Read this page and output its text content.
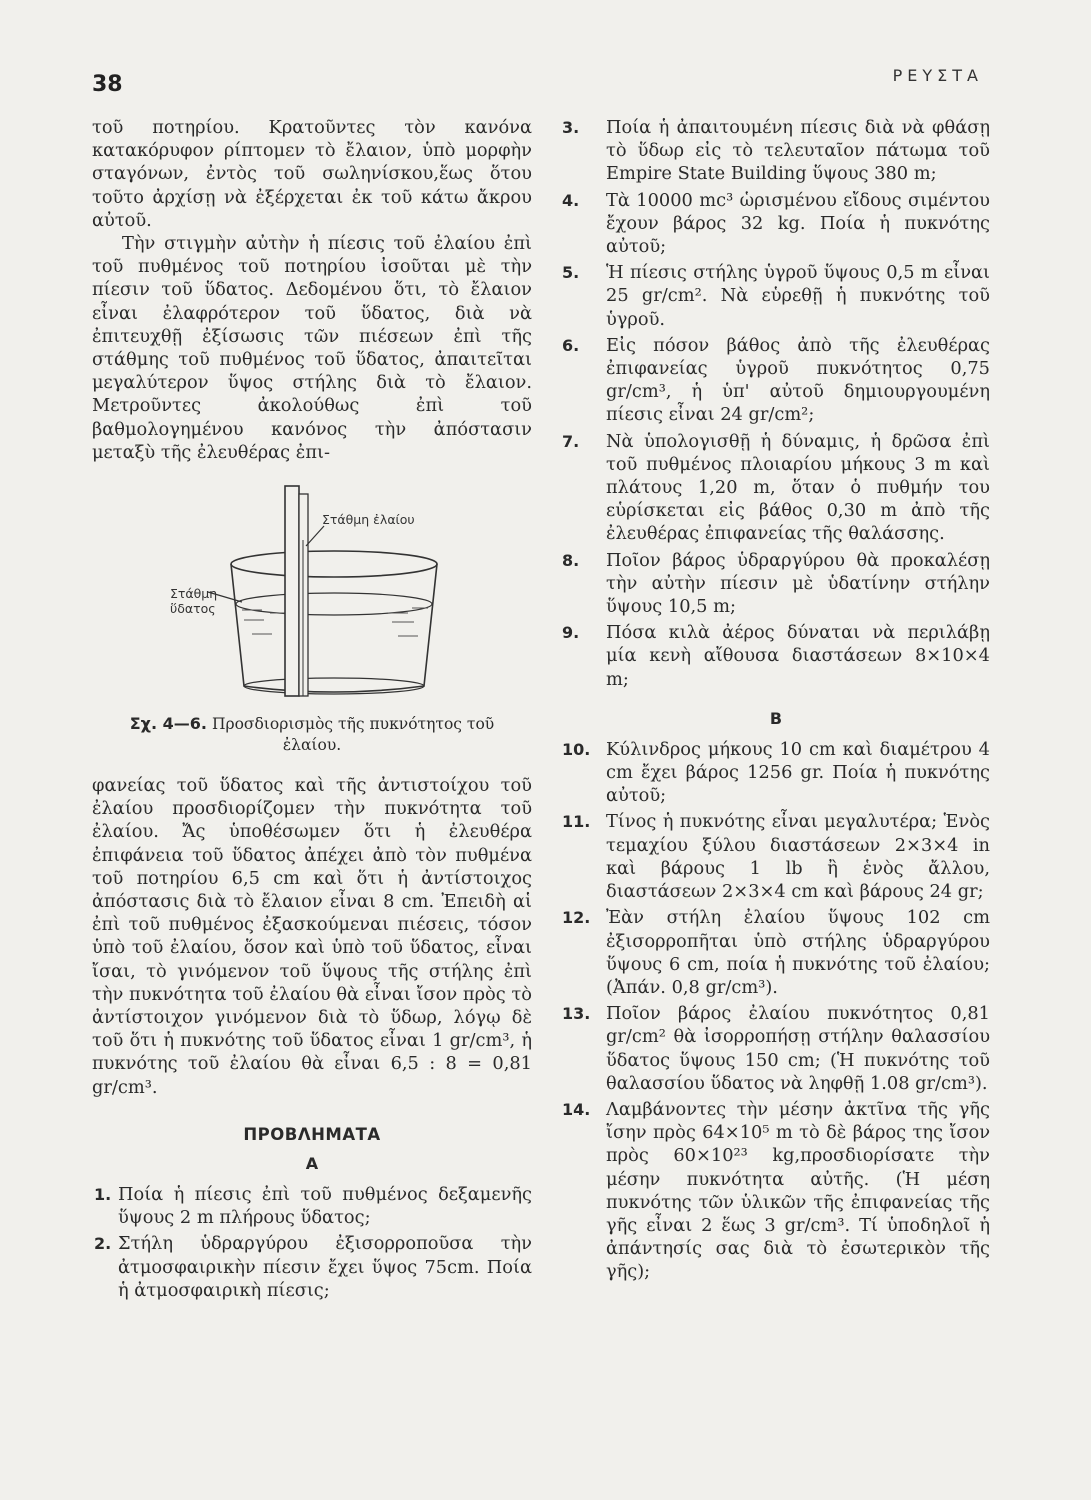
38	ΡΕΥΣΤΑ

τοῦ ποτηρίου. Κρατοῦντες τὸν κανόνα κατακόρυφον ρίπτομεν τὸ ἔλαιον, ὑπὸ μορφὴν σταγόνων, ἐντὸς τοῦ σωληνίσκου,ἕως ὅτου τοῦτο ἀρχίσῃ νὰ ἐξέρχεται ἐκ τοῦ κάτω ἄκρου αὐτοῦ.

Τὴν στιγμὴν αὐτὴν ἡ πίεσις τοῦ ἐλαίου ἐπὶ τοῦ πυθμένος τοῦ ποτηρίου ἰσοῦται μὲ τὴν πίεσιν τοῦ ὕδατος. Δεδομένου ὅτι, τὸ ἔλαιον εἶναι ἐλαφρότερον τοῦ ὕδατος, διὰ νὰ ἐπιτευχθῇ ἐξίσωσις τῶν πιέσεων ἐπὶ τῆς στάθμης τοῦ πυθμένος τοῦ ὕδατος, ἀπαιτεῖται μεγαλύτερον ὕψος στήλης διὰ τὸ ἔλαιον. Μετροῦντες ἀκολούθως ἐπὶ τοῦ βαθμολογημένου κανόνος τὴν ἀπόστασιν μεταξὺ τῆς ἐλευθέρας ἐπι-

Στάθμη ἐλαίου
Στάθμη
ὕδατος

Σχ. 4—6. Προσδιορισμὸς τῆς πυκνότητος τοῦ ἐλαίου.

φανείας τοῦ ὕδατος καὶ τῆς ἀντιστοίχου τοῦ ἐλαίου προσδιορίζομεν τὴν πυκνότητα τοῦ ἐλαίου. Ἄς ὑποθέσωμεν ὅτι ἡ ἐλευθέρα ἐπιφάνεια τοῦ ὕδατος ἀπέχει ἀπὸ τὸν πυθμένα τοῦ ποτηρίου 6,5 cm καὶ ὅτι ἡ ἀντίστοιχος ἀπόστασις διὰ τὸ ἔλαιον εἶναι 8 cm. Ἐπειδὴ αἱ ἐπὶ τοῦ πυθμένος ἐξασκούμεναι πιέσεις, τόσον ὑπὸ τοῦ ἐλαίου, ὅσον καὶ ὑπὸ τοῦ ὕδατος, εἶναι ἴσαι, τὸ γινόμενον τοῦ ὕψους τῆς στήλης ἐπὶ τὴν πυκνότητα τοῦ ἐλαίου θὰ εἶναι ἴσον πρὸς τὸ ἀντίστοιχον γινόμενον διὰ τὸ ὕδωρ, λόγῳ δὲ τοῦ ὅτι ἡ πυκνότης τοῦ ὕδατος εἶναι 1 gr/cm³, ἡ πυκνότης τοῦ ἐλαίου θὰ εἶναι 6,5 : 8 = 0,81 gr/cm³.

ΠΡΟΒΛΗΜΑΤΑ
Α
1. Ποία ἡ πίεσις ἐπὶ τοῦ πυθμένος δεξαμενῆς ὕψους 2 m πλήρους ὕδατος;
2. Στήλη ὑδραργύρου ἐξισορροποῦσα τὴν ἀτμοσφαιρικὴν πίεσιν ἔχει ὕψος 75cm. Ποία ἡ ἀτμοσφαιρικὴ πίεσις;
3. Ποία ἡ ἀπαιτουμένη πίεσις διὰ νὰ φθάσῃ τὸ ὕδωρ εἰς τὸ τελευταῖον πάτωμα τοῦ Empire State Building ὕψους 380 m;
4. Τὰ 10000 mc³ ὡρισμένου εἴδους σιμέντου ἔχουν βάρος 32 kg. Ποία ἡ πυκνότης αὐτοῦ;
5. Ἡ πίεσις στήλης ὑγροῦ ὕψους 0,5 m εἶναι 25 gr/cm². Νὰ εὑρεθῇ ἡ πυκνότης τοῦ ὑγροῦ.
6. Εἰς πόσον βάθος ἀπὸ τῆς ἐλευθέρας ἐπιφανείας ὑγροῦ πυκνότητος 0,75 gr/cm³, ἡ ὑπ' αὐτοῦ δημιουργουμένη πίεσις εἶναι 24 gr/cm²;
7. Νὰ ὑπολογισθῇ ἡ δύναμις, ἡ δρῶσα ἐπὶ τοῦ πυθμένος πλοιαρίου μήκους 3 m καὶ πλάτους 1,20 m, ὅταν ὁ πυθμήν του εὑρίσκεται εἰς βάθος 0,30 m ἀπὸ τῆς ἐλευθέρας ἐπιφανείας τῆς θαλάσσης.
8. Ποῖον βάρος ὑδραργύρου θὰ προκαλέσῃ τὴν αὐτὴν πίεσιν μὲ ὑδατίνην στήλην ὕψους 10,5 m;
9. Πόσα κιλὰ ἀέρος δύναται νὰ περιλάβῃ μία κενὴ αἴθουσα διαστάσεων 8×10×4 m;
Β
10. Κύλινδρος μήκους 10 cm καὶ διαμέτρου 4 cm ἔχει βάρος 1256 gr. Ποία ἡ πυκνότης αὐτοῦ;
11. Τίνος ἡ πυκνότης εἶναι μεγαλυτέρα; Ἑνὸς τεμαχίου ξύλου διαστάσεων 2×3×4 in καὶ βάρους 1 lb ἢ ἑνὸς ἄλλου, διαστάσεων 2×3×4 cm καὶ βάρους 24 gr;
12. Ἐὰν στήλη ἐλαίου ὕψους 102 cm ἐξισορροπῆται ὑπὸ στήλης ὑδραργύρου ὕψους 6 cm, ποία ἡ πυκνότης τοῦ ἐλαίου; (Ἀπάν. 0,8 gr/cm³).
13. Ποῖον βάρος ἐλαίου πυκνότητος 0,81 gr/cm² θὰ ἰσορροπήσῃ στήλην θαλασσίου ὕδατος ὕψους 150 cm; (Ἡ πυκνότης τοῦ θαλασσίου ὕδατος νὰ ληφθῇ 1.08 gr/cm³).
14. Λαμβάνοντες τὴν μέσην ἀκτῖνα τῆς γῆς ἴσην πρὸς 64×10⁵ m τὸ δὲ βάρος της ἴσον πρὸς 60×10²³ kg,προσδιορίσατε τὴν μέσην πυκνότητα αὐτῆς. (Ἡ μέση πυκνότης τῶν ὑλικῶν τῆς ἐπιφανείας τῆς γῆς εἶναι 2 ἕως 3 gr/cm³. Τί ὑποδηλοῖ ἡ ἀπάντησίς σας διὰ τὸ ἐσωτερικὸν τῆς γῆς);
